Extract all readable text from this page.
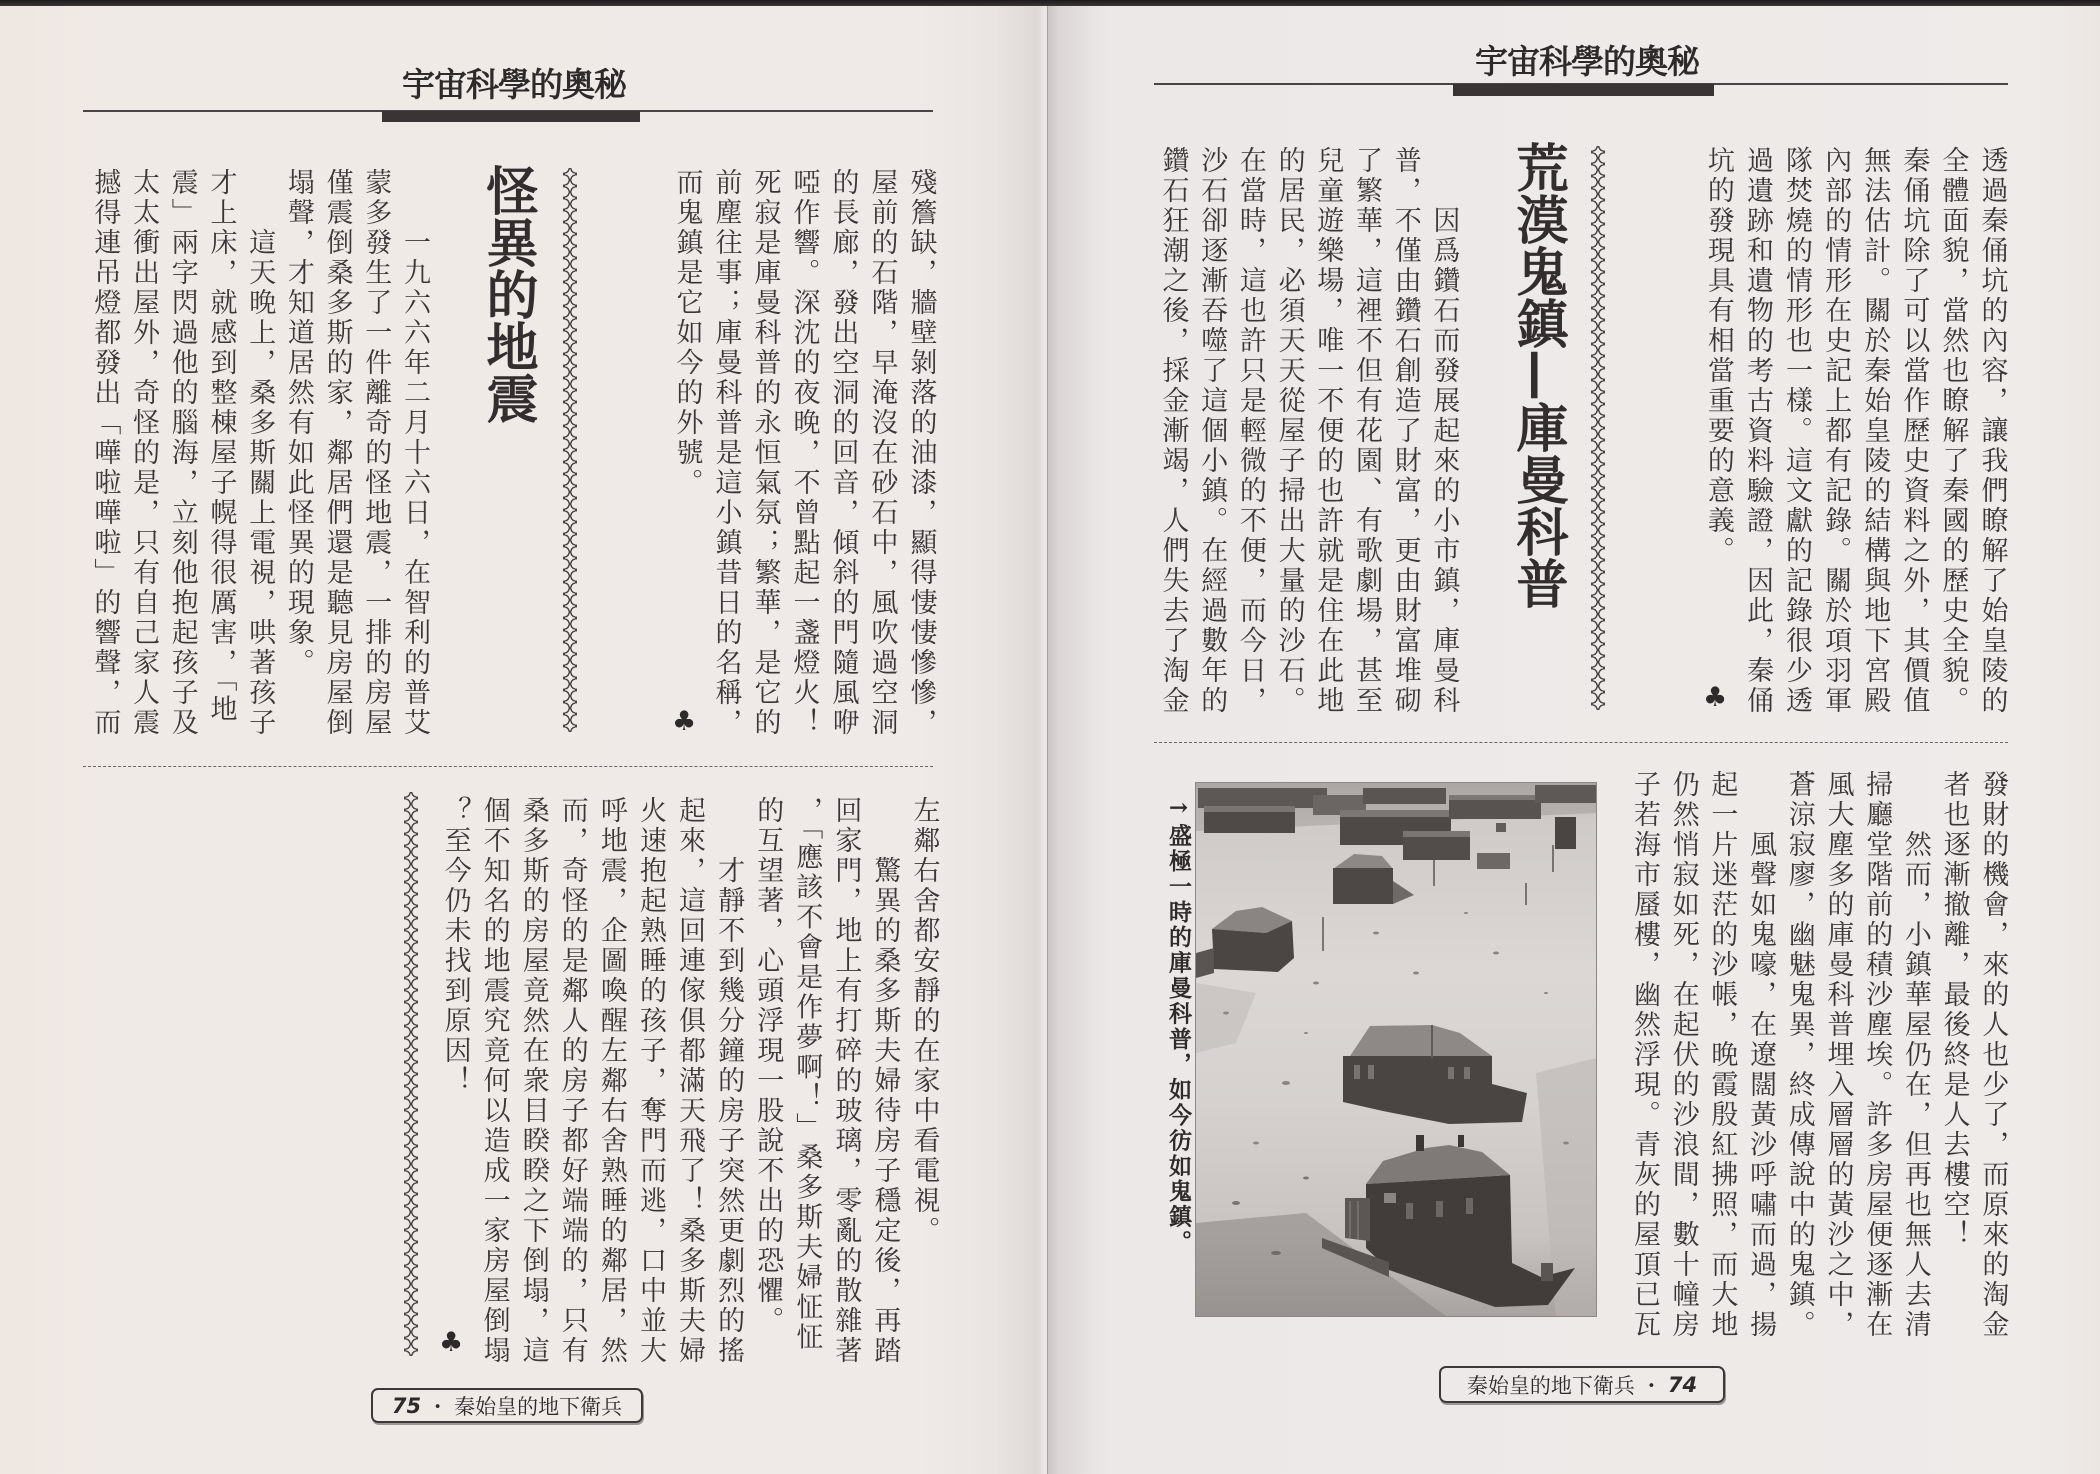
宇宙科學的奧秘
殘簷缺，牆壁剝落的油漆，顯得悽悽慘慘，
屋前的石階，早淹沒在砂石中，風吹過空洞
的長廊，發出空洞的回音，傾斜的門隨風咿
啞作響。深沈的夜晚，不曾點起一盞燈火！
死寂是庫曼科普的永恒氣氛；繁華，是它的
前塵往事；庫曼科普是這小鎮昔日的名稱，
而鬼鎮是它如今的外號。
♣
怪異的地震
一九六六年二月十六日，在智利的普艾
蒙多發生了一件離奇的怪地震，一排的房屋
僅震倒桑多斯的家，鄰居們還是聽見房屋倒
塌聲，才知道居然有如此怪異的現象。
這天晚上，桑多斯關上電視，哄著孩子
才上床，就感到整棟屋子幌得很厲害，「地
震」兩字閃過他的腦海，立刻他抱起孩子及
太太衝出屋外，奇怪的是，只有自己家人震
撼得連吊燈都發出「嘩啦嘩啦」的響聲，而
左鄰右舍都安靜的在家中看電視。
驚異的桑多斯夫婦待房子穩定後，再踏
回家門，地上有打碎的玻璃，零亂的散雜著
，「應該不會是作夢啊！」桑多斯夫婦怔怔
的互望著，心頭浮現一股說不出的恐懼。
才靜不到幾分鐘的房子突然更劇烈的搖
起來，這回連傢俱都滿天飛了！桑多斯夫婦
火速抱起熟睡的孩子，奪門而逃，口中並大
呼地震，企圖喚醒左鄰右舍熟睡的鄰居，然
而，奇怪的是鄰人的房子都好端端的，只有
桑多斯的房屋竟然在衆目睽睽之下倒塌，這
個不知名的地震究竟何以造成一家房屋倒塌
？至今仍未找到原因！
♣
75 ・ 秦始皇的地下衛兵
宇宙科學的奧秘
透過秦俑坑的內容，讓我們瞭解了始皇陵的
全體面貌，當然也瞭解了秦國的歷史全貌。
秦俑坑除了可以當作歷史資料之外，其價值
無法估計。關於秦始皇陵的結構與地下宮殿
內部的情形在史記上都有記錄。關於項羽軍
隊焚燒的情形也一樣。這文獻的記錄很少透
過遺跡和遺物的考古資料驗證，因此，秦俑
坑的發現具有相當重要的意義。
♣
荒漠鬼鎮—庫曼科普
因爲鑽石而發展起來的小市鎮，庫曼科
普，不僅由鑽石創造了財富，更由財富堆砌
了繁華，這裡不但有花園、有歌劇場，甚至
兒童遊樂場，唯一不便的也許就是住在此地
的居民，必須天天從屋子掃出大量的沙石。
在當時，這也許只是輕微的不便，而今日，
沙石卻逐漸吞噬了這個小鎮。在經過數年的
鑽石狂潮之後，採金漸竭，人們失去了淘金
→盛極一時的庫曼科普，如今彷如鬼鎮。	發財的機會，來的人也少了，而原來的淘金
者也逐漸撤離，最後終是人去樓空！
然而，小鎮華屋仍在，但再也無人去清
掃廳堂階前的積沙塵埃。許多房屋便逐漸在
風大塵多的庫曼科普埋入層層的黃沙之中，
蒼涼寂廖，幽魅鬼異，終成傳說中的鬼鎮。
風聲如鬼嚎，在遼闊黃沙呼嘯而過，揚
起一片迷茫的沙帳，晚霞殷紅拂照，而大地
仍然悄寂如死，在起伏的沙浪間，數十幢房
子若海市蜃樓，幽然浮現。青灰的屋頂已瓦
秦始皇的地下衛兵 ・ 74
